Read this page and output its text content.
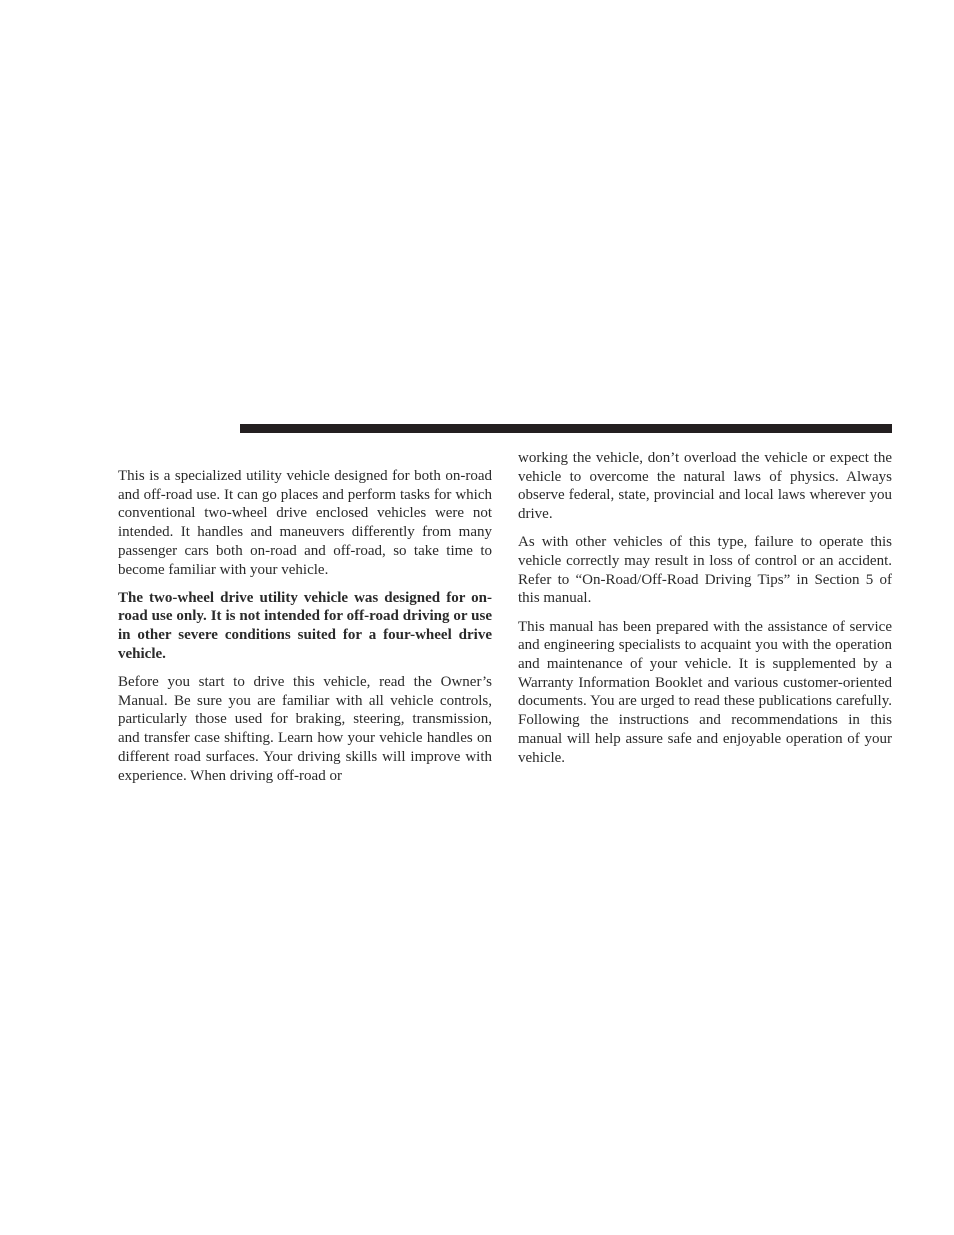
This is a specialized utility vehicle designed for both on-road and off-road use. It can go places and perform tasks for which conventional two-wheel drive enclosed vehicles were not intended. It handles and maneuvers differently from many passenger cars both on-road and off-road, so take time to become familiar with your vehicle.

The two-wheel drive utility vehicle was designed for on-road use only. It is not intended for off-road driving or use in other severe conditions suited for a four-wheel drive vehicle.

Before you start to drive this vehicle, read the Owner’s Manual. Be sure you are familiar with all vehicle controls, particularly those used for braking, steering, transmission, and transfer case shifting. Learn how your vehicle handles on different road surfaces. Your driving skills will improve with experience. When driving off-road or

working the vehicle, don’t overload the vehicle or expect the vehicle to overcome the natural laws of physics. Always observe federal, state, provincial and local laws wherever you drive.

As with other vehicles of this type, failure to operate this vehicle correctly may result in loss of control or an accident. Refer to “On-Road/Off-Road Driving Tips” in Section 5 of this manual.

This manual has been prepared with the assistance of service and engineering specialists to acquaint you with the operation and maintenance of your vehicle. It is supplemented by a Warranty Information Booklet and various customer-oriented documents. You are urged to read these publications carefully. Following the instructions and recommendations in this manual will help assure safe and enjoyable operation of your vehicle.
